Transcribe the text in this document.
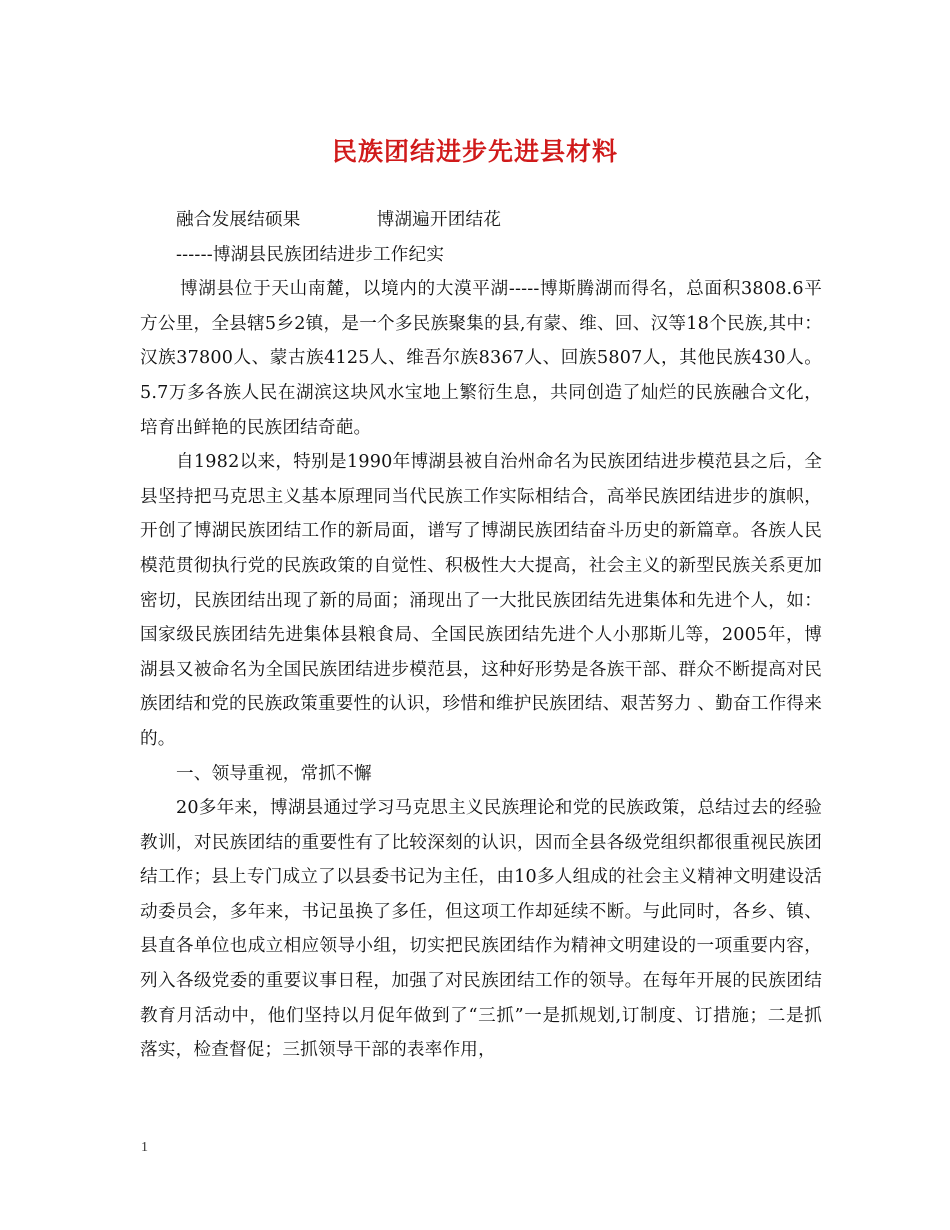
民族团结进步先进县材料
融合发展结硕果	博湖遍开团结花
------博湖县民族团结进步工作纪实

博湖县位于天山南麓，以境内的大漠平湖-----博斯腾湖而得名，总面积3808.6平方公里，全县辖5乡2镇，是一个多民族聚集的县,有蒙、维、回、汉等18个民族,其中：汉族37800人、蒙古族4125人、维吾尔族8367人、回族5807人，其他民族430人。5.7万多各族人民在湖滨这块风水宝地上繁衍生息，共同创造了灿烂的民族融合文化，培育出鲜艳的民族团结奇葩。

自1982以来，特别是1990年博湖县被自治州命名为民族团结进步模范县之后，全县坚持把马克思主义基本原理同当代民族工作实际相结合，高举民族团结进步的旗帜，开创了博湖民族团结工作的新局面，谱写了博湖民族团结奋斗历史的新篇章。各族人民模范贯彻执行党的民族政策的自觉性、积极性大大提高，社会主义的新型民族关系更加密切，民族团结出现了新的局面；涌现出了一大批民族团结先进集体和先进个人，如：国家级民族团结先进集体县粮食局、全国民族团结先进个人小那斯儿等，2005年，博湖县又被命名为全国民族团结进步模范县，这种好形势是各族干部、群众不断提高对民族团结和党的民族政策重要性的认识，珍惜和维护民族团结、艰苦努力 、勤奋工作得来的。

一、领导重视，常抓不懈

20多年来，博湖县通过学习马克思主义民族理论和党的民族政策，总结过去的经验教训，对民族团结的重要性有了比较深刻的认识，因而全县各级党组织都很重视民族团结工作；县上专门成立了以县委书记为主任，由10多人组成的社会主义精神文明建设活动委员会，多年来，书记虽换了多任，但这项工作却延续不断。与此同时，各乡、镇、县直各单位也成立相应领导小组，切实把民族团结作为精神文明建设的一项重要内容，列入各级党委的重要议事日程，加强了对民族团结工作的领导。在每年开展的民族团结教育月活动中，他们坚持以月促年做到了“三抓”一是抓规划,订制度、订措施；二是抓落实，检查督促；三抓领导干部的表率作用，

1
